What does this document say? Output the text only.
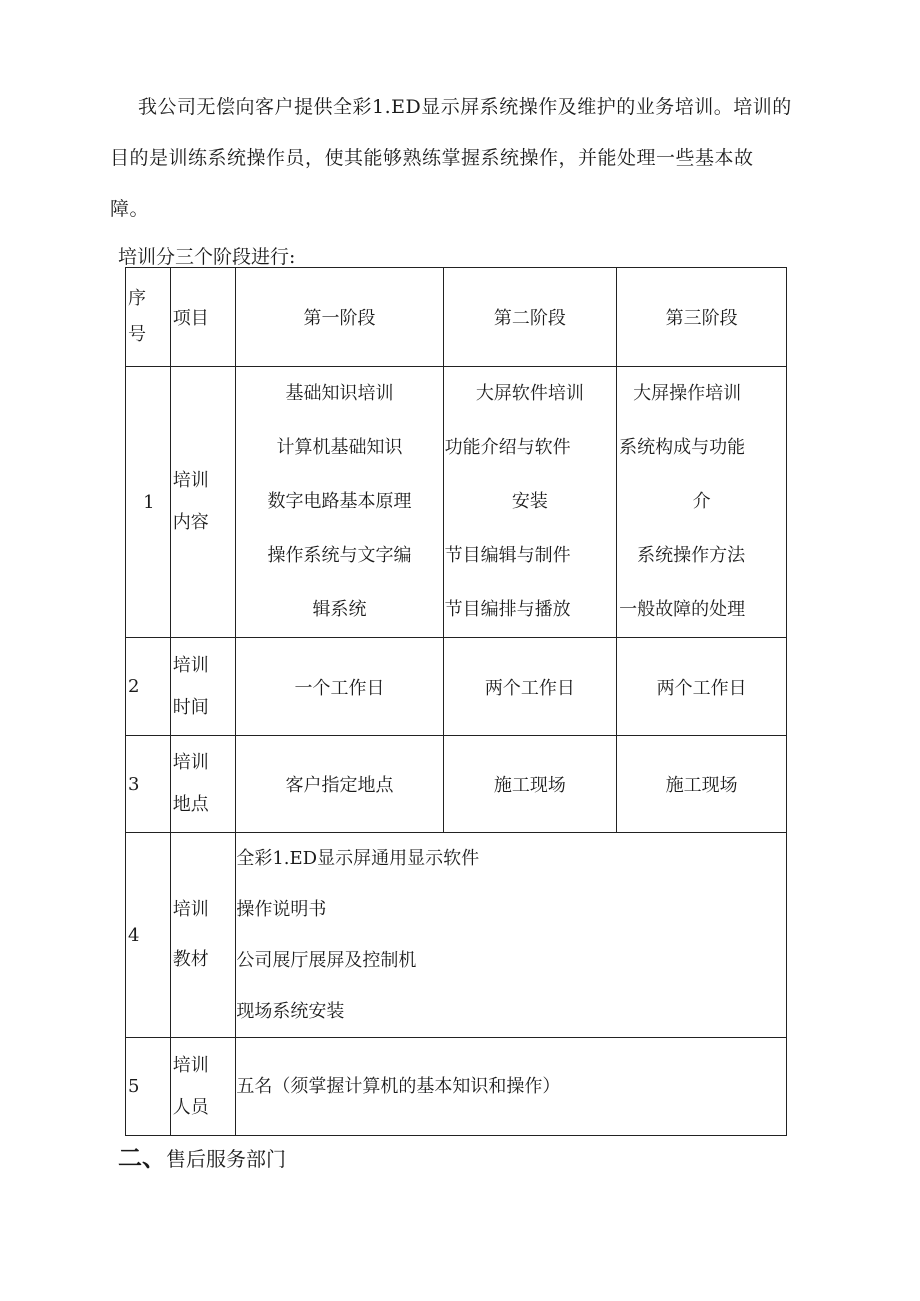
我公司无偿向客户提供全彩1.ED显示屏系统操作及维护的业务培训。培训的
目的是训练系统操作员，使其能够熟练掌握系统操作，并能处理一些基本故
障。
培训分三个阶段进行:
序
号	项目	第一阶段	第二阶段	第三阶段
1	培训
内容	基础知识培训
计算机基础知识
数字电路基本原理
操作系统与文字编
辑系统	大屏软件培训
功能介绍与软件
安装
节目编辑与制件
节目编排与播放	大屏操作培训
系统构成与功能
介
系统操作方法
一般故障的处理

2	培训
时间	一个工作日	两个工作日	两个工作日
3	培训
地点	客户指定地点	施工现场	施工现场
4	培训
教材	全彩1.ED显示屏通用显示软件
操作说明书
公司展厅展屏及控制机
现场系统安装		

5	培训
人员	五名（须掌握计算机的基本知识和操作）		
二、售后服务部门
